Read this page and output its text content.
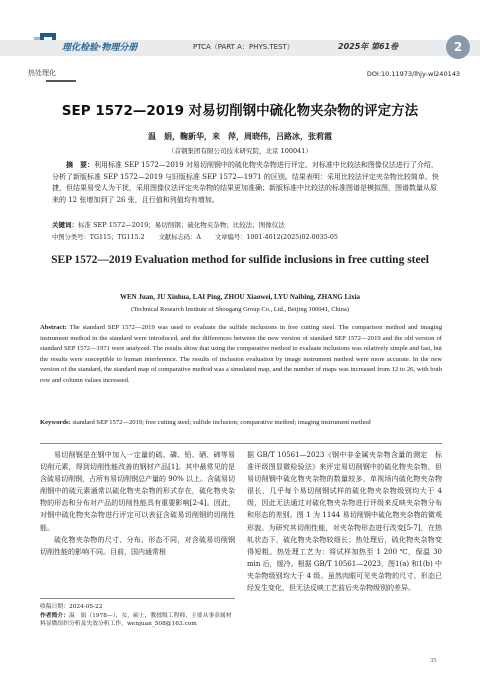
理化检验·物理分册	PTCA（PART A：PHYS.TEST）	2025年 第61卷	2
热处理化	DOI:10.11973/lhjy-wl240143
SEP 1572—2019 对易切削钢中硫化物夹杂物的评定方法
温　娟，鞠新华，来　萍，周晓伟，吕路冰，张莉霞
（首钢集团有限公司技术研究院，北京 100041）
摘　要：利用标准 SEP 1572—2019 对易切削钢中的硫化物夹杂物进行评定。对标准中比较法和图像仪法进行了介绍，分析了新版标准 SEP 1572—2019 与旧版标准 SEP 1572—1971 的区别。结果表明：采用比较法评定夹杂物比较简单、快捷，但结果易受人为干扰，采用图像仪法评定夹杂物的结果更加准确；新版标准中比较法的标准图谱是模拟图，图谱数量从原来的 12 张增加到了 26 张，且行值和列值均有增加。
关键词：标准 SEP 1572—2019；易切削钢；硫化物夹杂物；比较法；图像仪法
中图分类号：TG115；TG115.2 文献标志码：A 文章编号：1001-4012(2025)02-0035-05
SEP 1572—2019 Evaluation method for sulfide inclusions in free cutting steel
WEN Juan, JU Xinhua, LAI Ping, ZHOU Xiaowei, LYU Naibing, ZHANG Lixia
(Technical Research Institute of Shougang Group Co., Ltd., Beijing 100041, China)
Abstract: The standard SEP 1572—2019 was used to evaluate the sulfide inclusions in free cutting steel. The comparison method and imaging instrument method in the standard were introduced, and the differences between the new version of standard SEP 1572—2019 and the old version of standard SEP 1572—1971 were analyzed. The results show that using the comparative method to evaluate inclusions was relatively simple and fast, but the results were susceptible to human interference. The results of inclusion evaluation by image instrument method were more accurate. In the new version of the standard, the standard map of comparative method was a simulated map, and the number of maps was increased from 12 to 26, with both row and column values increased.
Keywords: standard SEP 1572—2019; free cutting steel; sulfide inclusion; comparative method; imaging instrument method

易切削钢是在钢中加入一定量的硫、磷、铅、硒、碲等易切削元素，得到切削性能改善的钢材产品[1]。其中最常见的是含硫易切削钢，占所有易切削钢总产量的 90% 以上。含硫易切削钢中的硫元素通常以硫化物夹杂物的形式存在，硫化物夹杂物的形态和分布对产品的切削性能具有重要影响[2-4]。因此，对钢中硫化物夹杂物进行评定可以表征含硫易切削钢的切削性能。

硫化物夹杂物的尺寸、分布、形态不同，对含硫易切削钢切削性能的影响不同。目前，国内通常根

收稿日期：2024-05-22
作者简介：温　娟（1978—），女，硕士，教授级工程师，主要从事金属材料显微组织分析及失效分析工作，wenjuan_508@163.com

据 GB/T 10561—2023《钢中非金属夹杂物含量的测定　标准评级图显微检验法》来评定易切削钢中的硫化物夹杂物，但易切削钢中硫化物夹杂物的数量较多，单视场内硫化物夹杂物很长，几乎每个易切削钢试样的硫化物夹杂物级别均大于 4 级，因此无法通过对硫化物夹杂物进行评级来反映夹杂物分布和形态的差别。图 1 为 1144 易切削钢中硫化物夹杂物的微观形貌。为研究其切削性能，对夹杂物形态进行改变[5-7]，在热轧状态下，硫化物夹杂物较细长；热处理后，硫化物夹杂物变得短粗。热处理工艺为：将试样加热至 1 200 ℃，保温 30 min 后，缓冷。根据 GB/T 10561—2023，图1(a) 和1(b) 中夹杂物级别均大于 4 级。虽然肉眼可见夹杂物的尺寸、形态已经发生变化，但无法反映工艺前后夹杂物级别的差异。

35
